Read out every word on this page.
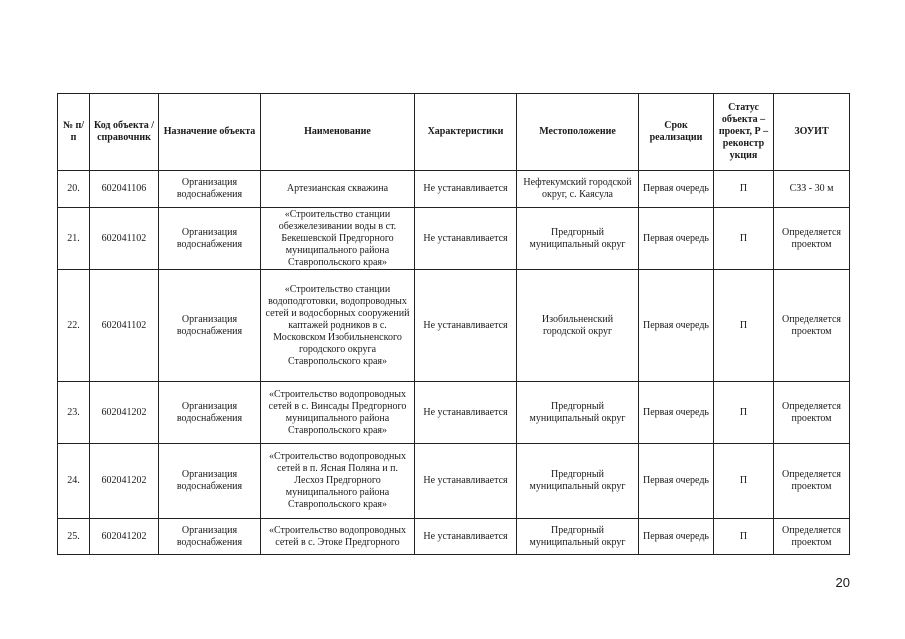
№ п/п	Код объекта / справочник	Назначение объекта	Наименование	Характеристики	Местоположение	Срок реализации	Статус объекта – проект, Р – реконстр укция	ЗОУИТ
20.	602041106	Организация водоснабжения	Артезианская скважина	Не устанавливается	Нефтекумский городской округ, с. Каясула	Первая очередь	П	СЗЗ - 30 м
21.	602041102	Организация водоснабжения	«Строительство станции обезжелезивании воды в ст. Бекешевской Предгорного муниципального района Ставропольского края»	Не устанавливается	Предгорный муниципальный округ	Первая очередь	П	Определяется проектом
22.	602041102	Организация водоснабжения	«Строительство станции водоподготовки, водопроводных сетей и водосборных сооружений каптажей родников в с. Московском Изобильненского городского округа Ставропольского края»	Не устанавливается	Изобильненский городской округ	Первая очередь	П	Определяется проектом
23.	602041202	Организация водоснабжения	«Строительство водопроводных сетей в с. Винсады Предгорного муниципального района Ставропольского края»	Не устанавливается	Предгорный муниципальный округ	Первая очередь	П	Определяется проектом
24.	602041202	Организация водоснабжения	«Строительство водопроводных сетей в п. Ясная Поляна и п. Лесхоз Предгорного муниципального района Ставропольского края»	Не устанавливается	Предгорный муниципальный округ	Первая очередь	П	Определяется проектом
25.	602041202	Организация водоснабжения	«Строительство водопроводных сетей в с. Этоке Предгорного	Не устанавливается	Предгорный муниципальный округ	Первая очередь	П	Определяется проектом
20
